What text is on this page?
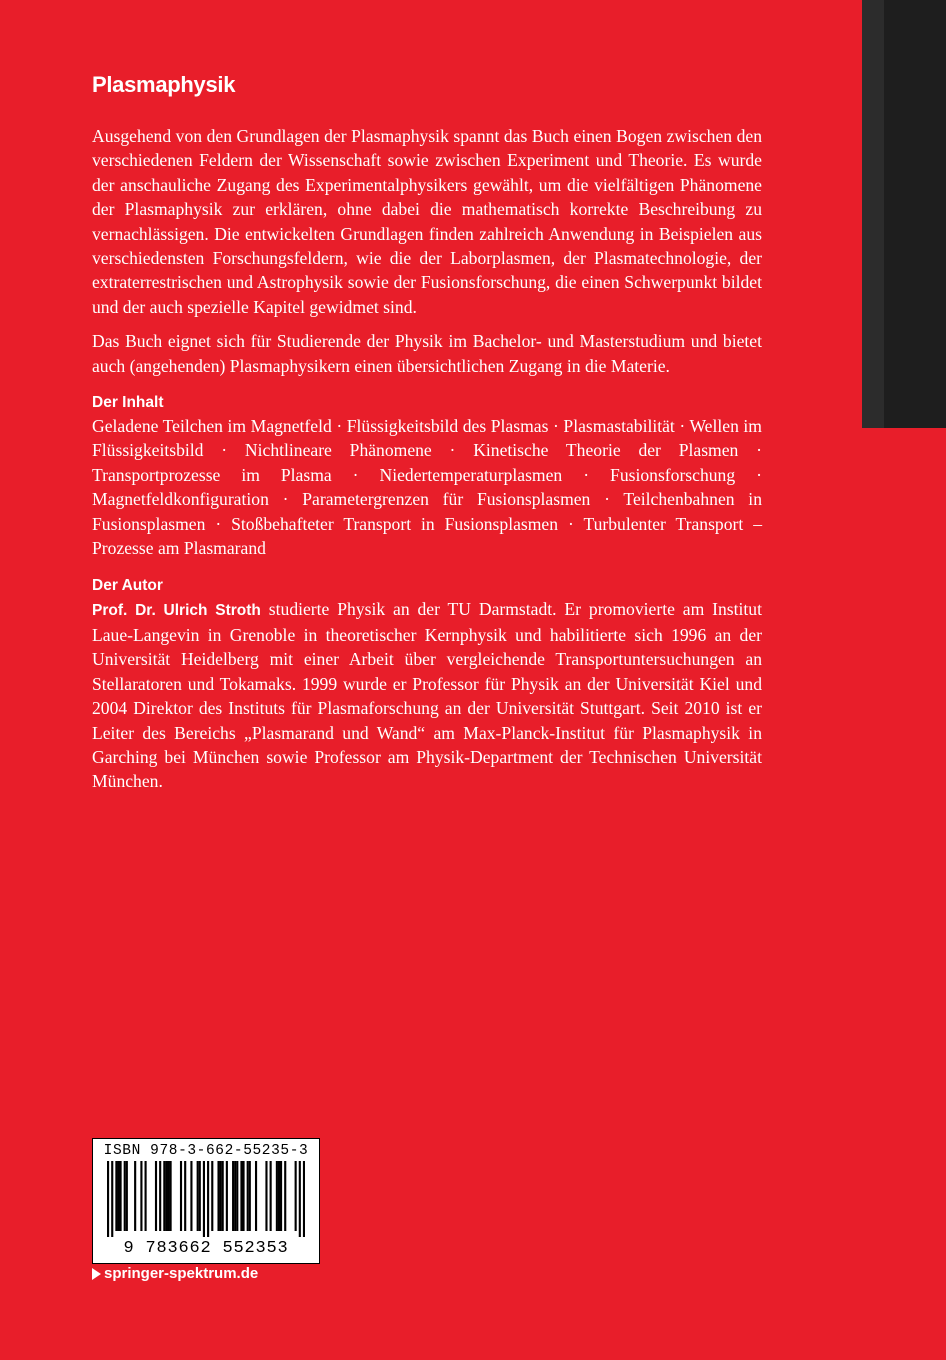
Plasmaphysik

Ausgehend von den Grundlagen der Plasmaphysik spannt das Buch einen Bogen zwischen den verschiedenen Feldern der Wissenschaft sowie zwischen Experiment und Theorie. Es wurde der anschauliche Zugang des Experimentalphysikers gewählt, um die vielfältigen Phänomene der Plasmaphysik zur erklären, ohne dabei die mathematisch korrekte Beschreibung zu vernachlässigen. Die entwickelten Grundlagen finden zahlreich Anwendung in Beispielen aus verschiedensten Forschungsfeldern, wie die der Laborplasmen, der Plasmatechnologie, der extraterrestrischen und Astrophysik sowie der Fusionsforschung, die einen Schwerpunkt bildet und der auch spezielle Kapitel gewidmet sind.

Das Buch eignet sich für Studierende der Physik im Bachelor- und Masterstudium und bietet auch (angehenden) Plasmaphysikern einen übersichtlichen Zugang in die Materie.

Der Inhalt

Geladene Teilchen im Magnetfeld · Flüssigkeitsbild des Plasmas · Plasmastabilität · Wellen im Flüssigkeitsbild · Nichtlineare Phänomene · Kinetische Theorie der Plasmen · Transportprozesse im Plasma · Niedertemperaturplasmen · Fusionsforschung · Magnetfeldkonfiguration · Parametergrenzen für Fusionsplasmen · Teilchenbahnen in Fusionsplasmen · Stoßbehafteter Transport in Fusionsplasmen · Turbulenter Transport – Prozesse am Plasmarand

Der Autor

Prof. Dr. Ulrich Stroth studierte Physik an der TU Darmstadt. Er promovierte am Institut Laue-Langevin in Grenoble in theoretischer Kernphysik und habilitierte sich 1996 an der Universität Heidelberg mit einer Arbeit über vergleichende Transportuntersuchungen an Stellaratoren und Tokamaks. 1999 wurde er Professor für Physik an der Universität Kiel und 2004 Direktor des Instituts für Plasmaforschung an der Universität Stuttgart. Seit 2010 ist er Leiter des Bereichs „Plasmarand und Wand“ am Max-Planck-Institut für Plasmaphysik in Garching bei München sowie Professor am Physik-Department der Technischen Universität München.

ISBN 978-3-662-55235-3
9 783662 552353
springer-spektrum.de
